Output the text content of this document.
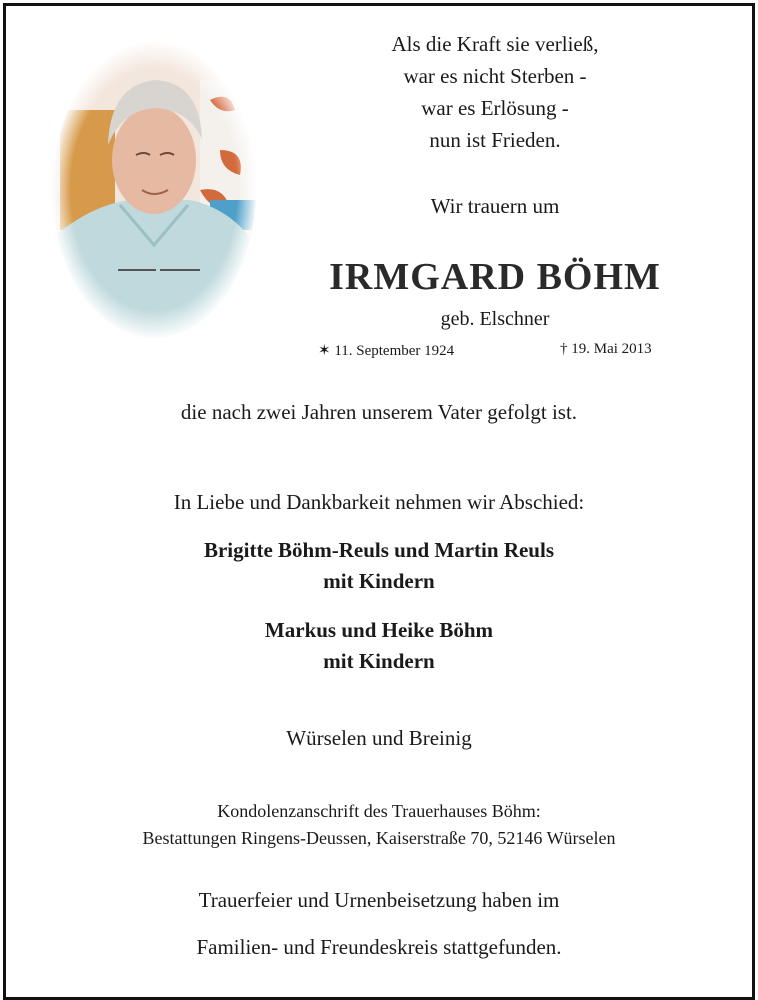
Als die Kraft sie verließ,
war es nicht Sterben -
war es Erlösung -
nun ist Frieden.
Wir trauern um
IRMGARD BÖHM
geb. Elschner
✶ 11. September 1924	† 19. Mai 2013
die nach zwei Jahren unserem Vater gefolgt ist.
In Liebe und Dankbarkeit nehmen wir Abschied:
Brigitte Böhm-Reuls und Martin Reuls
mit Kindern
Markus und Heike Böhm
mit Kindern
Würselen und Breinig
Kondolenzanschrift des Trauerhauses Böhm:
Bestattungen Ringens-Deussen, Kaiserstraße 70, 52146 Würselen
Trauerfeier und Urnenbeisetzung haben im
Familien- und Freundeskreis stattgefunden.
